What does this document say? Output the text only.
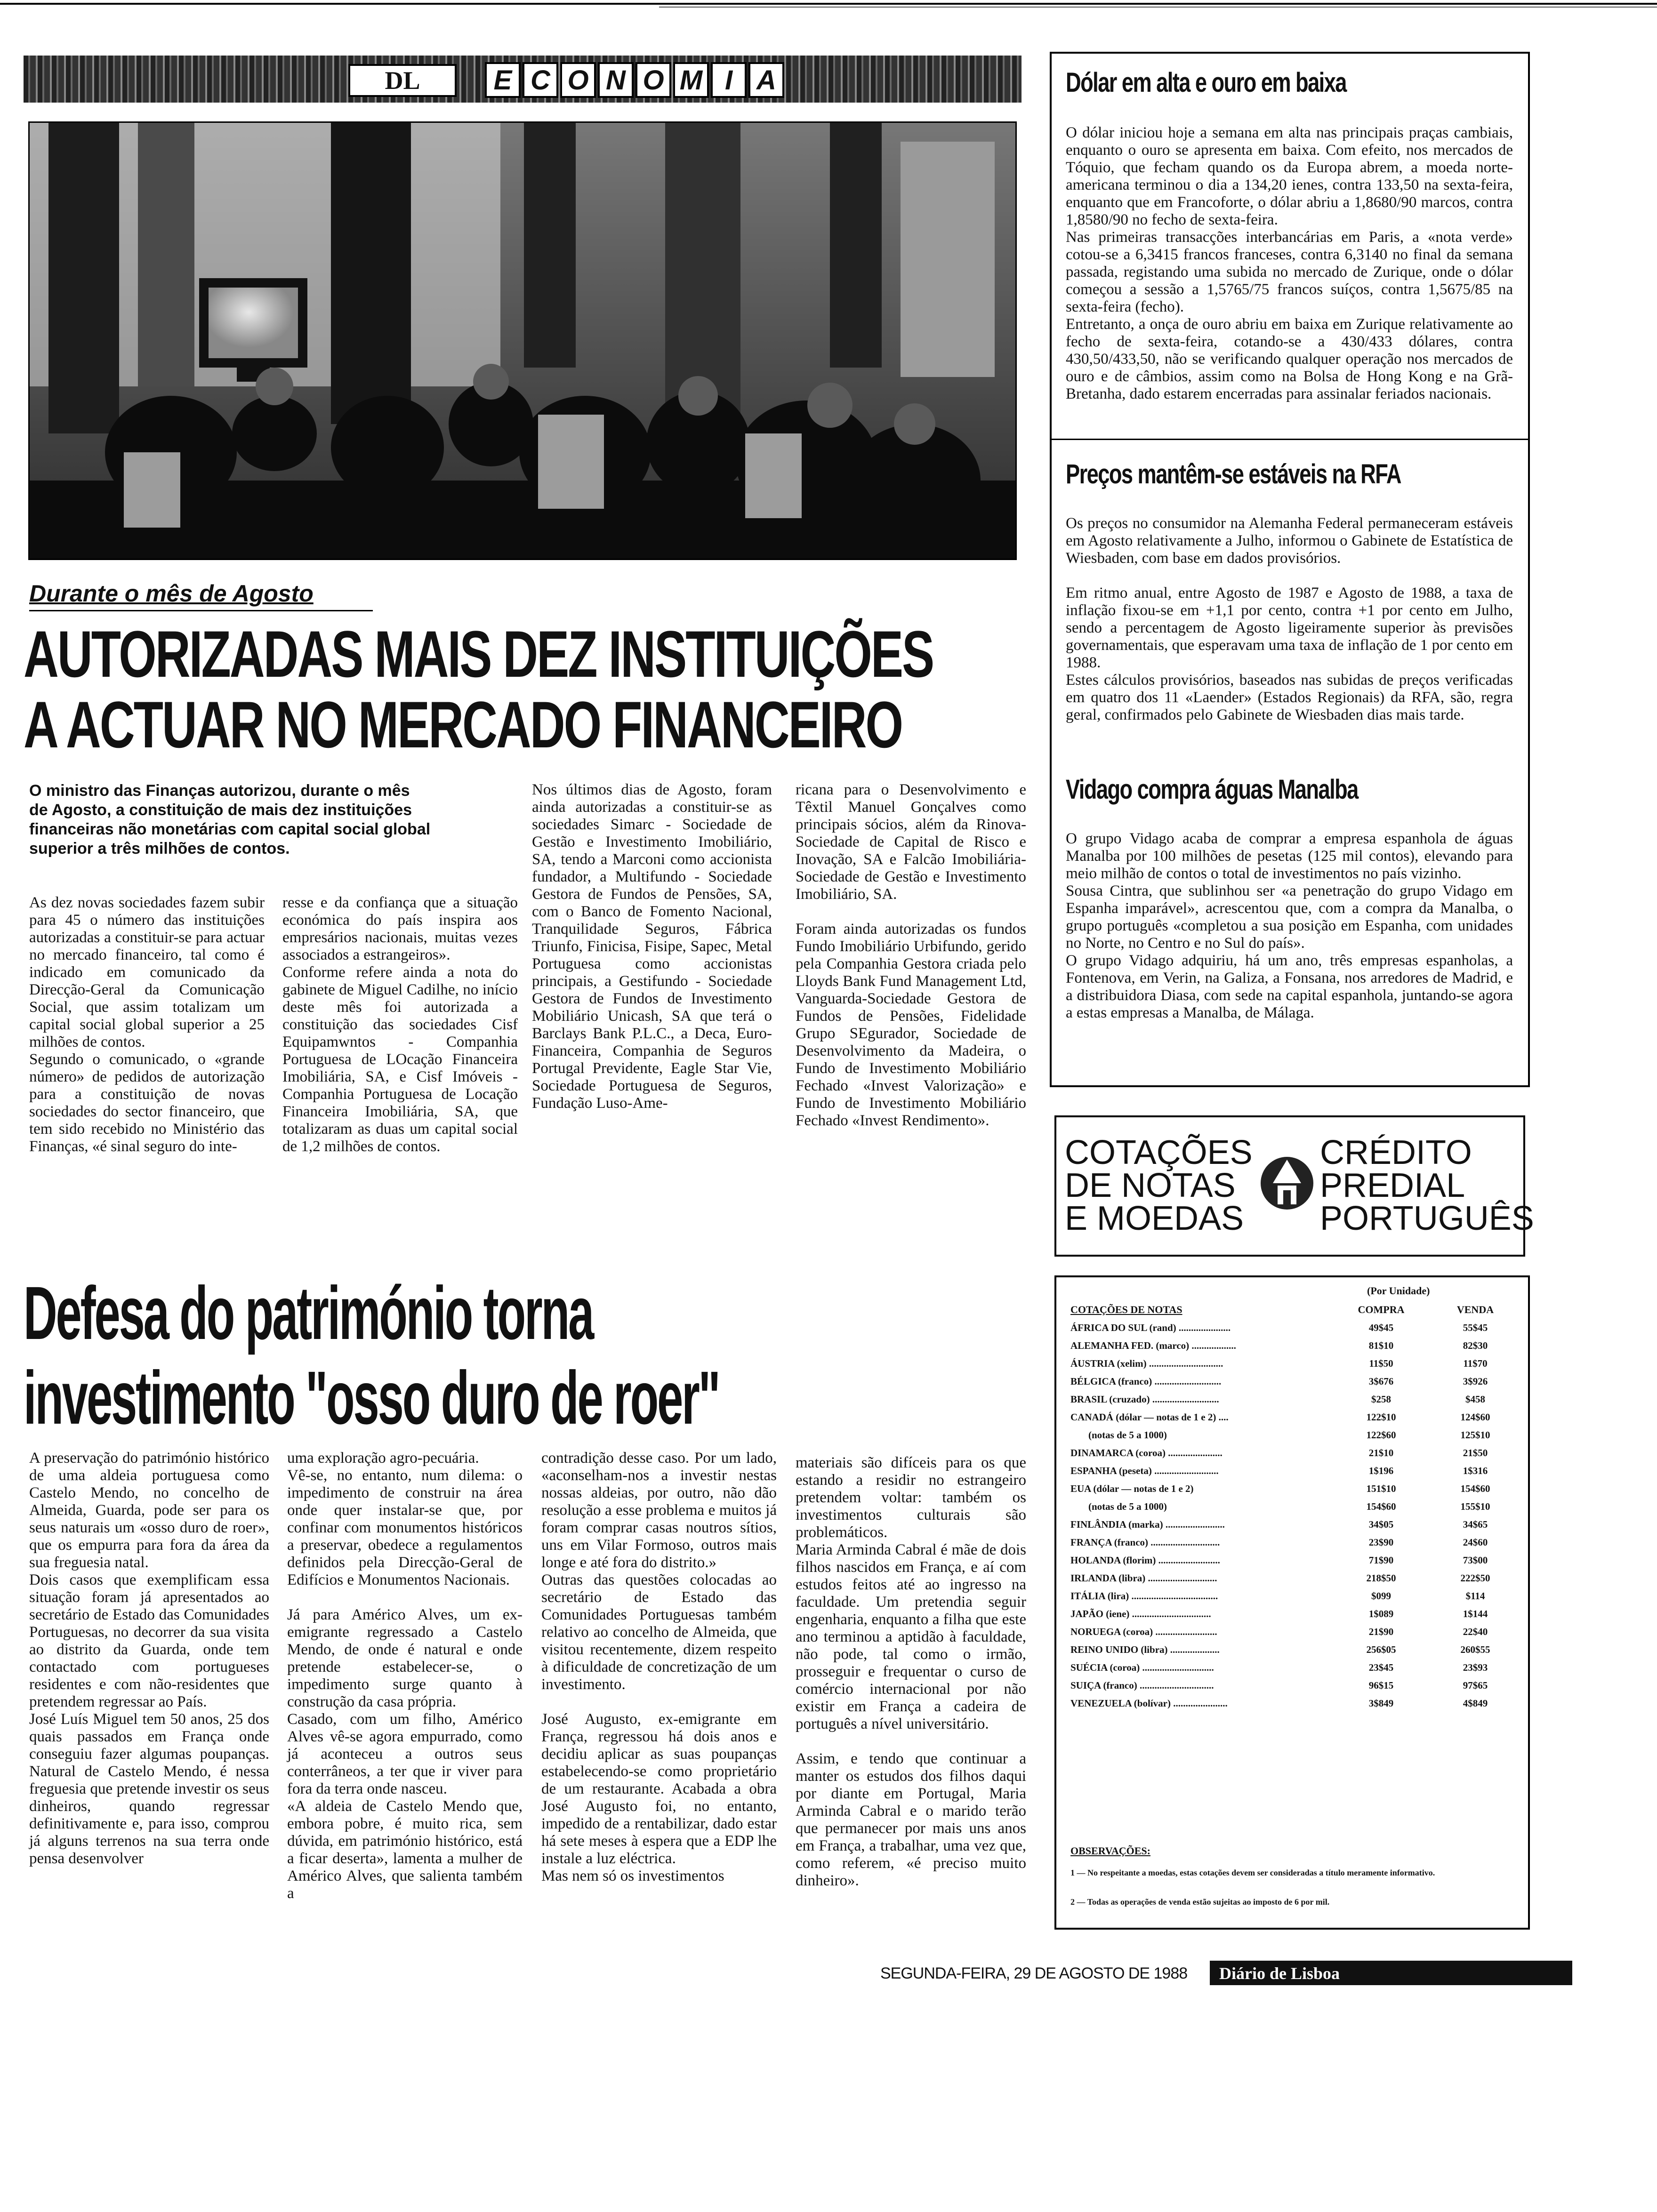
DL	E C O N O M I A
Durante o mês de Agosto
AUTORIZADAS MAIS DEZ INSTITUIÇÕES
A ACTUAR NO MERCADO FINANCEIRO
O ministro das Finanças autorizou, durante o mês
de Agosto, a constituição de mais dez instituições
financeiras não monetárias com capital social global
superior a três milhões de contos.
As dez novas sociedades fazem subir para 45 o número das instituições autorizadas a constituir-se para actuar no mercado financeiro, tal como é indicado em comunicado da Direcção-Geral da Comunicação Social, que assim totalizam um capital social global superior a 25 milhões de contos.
Segundo o comunicado, o «grande número» de pedidos de autorização para a constituição de novas sociedades do sector financeiro, que tem sido recebido no Ministério das Finanças, «é sinal seguro do inte-
resse e da confiança que a situação económica do país inspira aos empresários nacionais, muitas vezes associados a estrangeiros».
Conforme refere ainda a nota do gabinete de Miguel Cadilhe, no início deste mês foi autorizada a constituição das sociedades Cisf Equipamwntos - Companhia Portuguesa de LOcação Financeira Imobiliária, SA, e Cisf Imóveis - Companhia Portuguesa de Locação Financeira Imobiliária, SA, que totalizaram as duas um capital social de 1,2 milhões de contos.
Nos últimos dias de Agosto, foram ainda autorizadas a constituir-se as sociedades Simarc - Sociedade de Gestão e Investimento Imobiliário, SA, tendo a Marconi como accionista fundador, a Multifundo - Sociedade Gestora de Fundos de Pensões, SA, com o Banco de Fomento Nacional, Tranquilidade Seguros, Fábrica Triunfo, Finicisa, Fisipe, Sapec, Metal Portuguesa como accionistas principais, a Gestifundo - Sociedade Gestora de Fundos de Investimento Mobiliário Unicash, SA que terá o Barclays Bank P.L.C., a Deca, Euro-Financeira, Companhia de Seguros Portugal Previdente, Eagle Star Vie, Sociedade Portuguesa de Seguros, Fundação Luso-Ame-
ricana para o Desenvolvimento e Têxtil Manuel Gonçalves como principais sócios, além da Rinova-Sociedade de Capital de Risco e Inovação, SA e Falcão Imobiliária-Sociedade de Gestão e Investimento Imobiliário, SA.

Foram ainda autorizadas os fundos Fundo Imobiliário Urbifundo, gerido pela Companhia Gestora criada pelo Lloyds Bank Fund Management Ltd, Vanguarda-Sociedade Gestora de Fundos de Pensões, Fidelidade Grupo SEgurador, Sociedade de Desenvolvimento da Madeira, o Fundo de Investimento Mobiliário Fechado «Invest Valorização» e Fundo de Investimento Mobiliário Fechado «Invest Rendimento».
Defesa do património torna
investimento "osso duro de roer"
A preservação do património histórico de uma aldeia portuguesa como Castelo Mendo, no concelho de Almeida, Guarda, pode ser para os seus naturais um «osso duro de roer», que os empurra para fora da área da sua freguesia natal.
Dois casos que exemplificam essa situação foram já apresentados ao secretário de Estado das Comunidades Portuguesas, no decorrer da sua visita ao distrito da Guarda, onde tem contactado com portugueses residentes e com não-residentes que pretendem regressar ao País.
José Luís Miguel tem 50 anos, 25 dos quais passados em França onde conseguiu fazer algumas poupanças. Natural de Castelo Mendo, é nessa freguesia que pretende investir os seus dinheiros, quando regressar definitivamente e, para isso, comprou já alguns terrenos na sua terra onde pensa desenvolver
uma exploração agro-pecuária.
Vê-se, no entanto, num dilema: o impedimento de construir na área onde quer instalar-se que, por confinar com monumentos históricos a preservar, obedece a regulamentos definidos pela Direcção-Geral de Edifícios e Monumentos Nacionais.

Já para Américo Alves, um ex-emigrante regressado a Castelo Mendo, de onde é natural e onde pretende estabelecer-se, o impedimento surge quanto à construção da casa própria.
Casado, com um filho, Américo Alves vê-se agora empurrado, como já aconteceu a outros seus conterrâneos, a ter que ir viver para fora da terra onde nasceu.
«A aldeia de Castelo Mendo que, embora pobre, é muito rica, sem dúvida, em património histórico, está a ficar deserta», lamenta a mulher de Américo Alves, que salienta também a
contradição desse caso. Por um lado, «aconselham-nos a investir nestas nossas aldeias, por outro, não dão resolução a esse problema e muitos já foram comprar casas noutros sítios, uns em Vilar Formoso, outros mais longe e até fora do distrito.»
Outras das questões colocadas ao secretário de Estado das Comunidades Portuguesas também relativo ao concelho de Almeida, que visitou recentemente, dizem respeito à dificuldade de concretização de um investimento.

José Augusto, ex-emigrante em França, regressou há dois anos e decidiu aplicar as suas poupanças estabelecendo-se como proprietário de um restaurante. Acabada a obra José Augusto foi, no entanto, impedido de a rentabilizar, dado estar há sete meses à espera que a EDP lhe instale a luz eléctrica.
Mas nem só os investimentos
materiais são difíceis para os que estando a residir no estrangeiro pretendem voltar: também os investimentos culturais são problemáticos.
Maria Arminda Cabral é mãe de dois filhos nascidos em França, e aí com estudos feitos até ao ingresso na faculdade. Um pretendia seguir engenharia, enquanto a filha que este ano terminou a aptidão à faculdade, não pode, tal como o irmão, prosseguir e frequentar o curso de comércio internacional por não existir em França a cadeira de português a nível universitário.

Assim, e tendo que continuar a manter os estudos dos filhos daqui por diante em Portugal, Maria Arminda Cabral e o marido terão que permanecer por mais uns anos em França, a trabalhar, uma vez que, como referem, «é preciso muito dinheiro».
Dólar em alta e ouro em baixa
O dólar iniciou hoje a semana em alta nas principais praças cambiais, enquanto o ouro se apresenta em baixa. Com efeito, nos mercados de Tóquio, que fecham quando os da Europa abrem, a moeda norte-americana terminou o dia a 134,20 ienes, contra 133,50 na sexta-feira, enquanto que em Francoforte, o dólar abriu a 1,8680/90 marcos, contra 1,8580/90 no fecho de sexta-feira.
Nas primeiras transacções interbancárias em Paris, a «nota verde» cotou-se a 6,3415 francos franceses, contra 6,3140 no final da semana passada, registando uma subida no mercado de Zurique, onde o dólar começou a sessão a 1,5765/75 francos suíços, contra 1,5675/85 na sexta-feira (fecho).
Entretanto, a onça de ouro abriu em baixa em Zurique relativamente ao fecho de sexta-feira, cotando-se a 430/433 dólares, contra 430,50/433,50, não se verificando qualquer operação nos mercados de ouro e de câmbios, assim como na Bolsa de Hong Kong e na Grã-Bretanha, dado estarem encerradas para assinalar feriados nacionais.
Preços mantêm-se estáveis na RFA
Os preços no consumidor na Alemanha Federal permaneceram estáveis em Agosto relativamente a Julho, informou o Gabinete de Estatística de Wiesbaden, com base em dados provisórios.

Em ritmo anual, entre Agosto de 1987 e Agosto de 1988, a taxa de inflação fixou-se em +1,1 por cento, contra +1 por cento em Julho, sendo a percentagem de Agosto ligeiramente superior às previsões governamentais, que esperavam uma taxa de inflação de 1 por cento em 1988.
Estes cálculos provisórios, baseados nas subidas de preços verificadas em quatro dos 11 «Laender» (Estados Regionais) da RFA, são, regra geral, confirmados pelo Gabinete de Wiesbaden dias mais tarde.
Vidago compra águas Manalba
O grupo Vidago acaba de comprar a empresa espanhola de águas Manalba por 100 milhões de pesetas (125 mil contos), elevando para meio milhão de contos o total de investimentos no país vizinho.
Sousa Cintra, que sublinhou ser «a penetração do grupo Vidago em Espanha imparável», acrescentou que, com a compra da Manalba, o grupo português «completou a sua posição em Espanha, com unidades no Norte, no Centro e no Sul do país».
O grupo Vidago adquiriu, há um ano, três empresas espanholas, a Fontenova, em Verin, na Galiza, a Fonsana, nos arredores de Madrid, e a distribuidora Diasa, com sede na capital espanhola, juntando-se agora a estas empresas a Manalba, de Málaga.
COTAÇÕES
DE NOTAS
E MOEDAS
CRÉDITO
PREDIAL
PORTUGUÊS
(Por Unidade)
COTAÇÕES DE NOTAS	COMPRA	VENDA
ÁFRICA DO SUL (rand) .....................	49$45	55$45
ALEMANHA FED. (marco) ..................	81$10	82$30
ÁUSTRIA (xelim) ..............................	11$50	11$70
BÉLGICA (franco) ...........................	3$676	3$926
BRASIL (cruzado) ...........................	$258	$458
CANADÁ (dólar — notas de 1 e 2) ....	122$10	124$60
(notas de 5 a 1000)	122$60	125$10
DINAMARCA (coroa) ......................	21$10	21$50
ESPANHA (peseta) ..........................	1$196	1$316
EUA (dólar — notas de 1 e 2)	151$10	154$60
(notas de 5 a 1000)	154$60	155$10
FINLÂNDIA (marka) ........................	34$05	34$65
FRANÇA (franco) ............................	23$90	24$60
HOLANDA (florim) .........................	71$90	73$00
IRLANDA (libra) ............................	218$50	222$50
ITÁLIA (lira) ...................................	$099	$114
JAPÃO (iene) ................................	1$089	1$144
NORUEGA (coroa) .........................	21$90	22$40
REINO UNIDO (libra) ....................	256$05	260$55
SUÉCIA (coroa) .............................	23$45	23$93
SUIÇA (franco) ..............................	96$15	97$65
VENEZUELA (bolívar) ......................	3$849	4$849
OBSERVAÇÕES:
1 — No respeitante a moedas, estas cotações devem ser consideradas a título meramente informativo.
2 — Todas as operações de venda estão sujeitas ao imposto de 6 por mil.
SEGUNDA-FEIRA, 29 DE AGOSTO DE 1988 Diário de Lisboa
